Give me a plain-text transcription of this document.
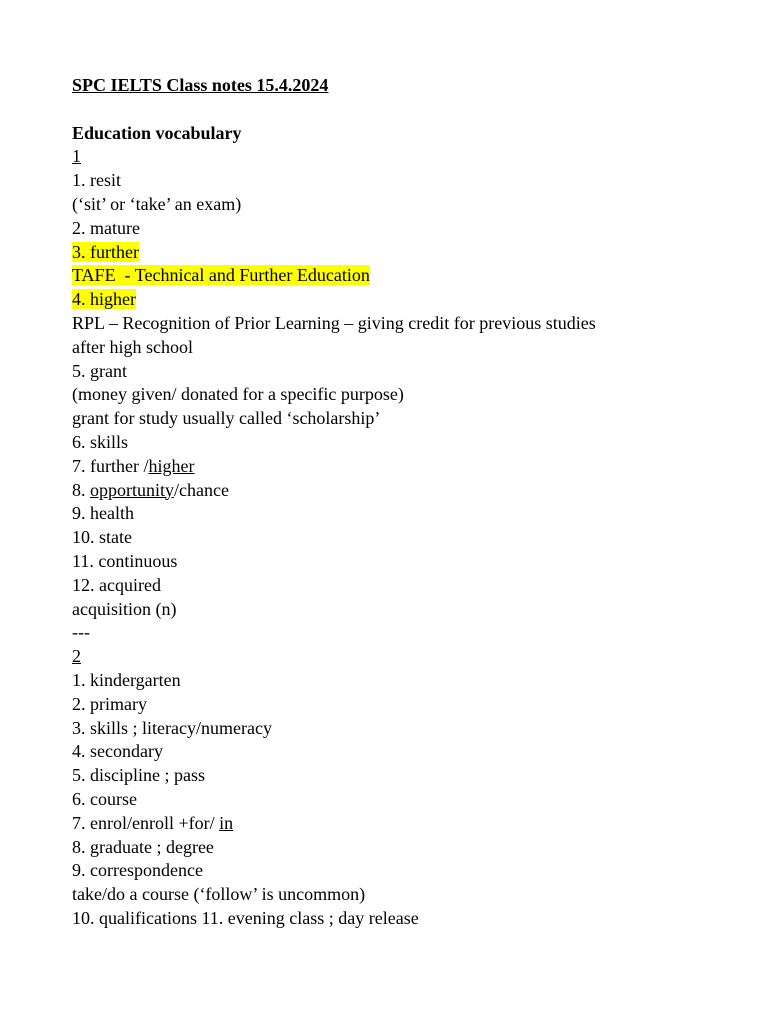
SPC IELTS Class notes 15.4.2024
Education vocabulary
1
1. resit
(‘sit’ or ‘take’ an exam)
2. mature
3. further
TAFE  - Technical and Further Education
4. higher
RPL – Recognition of Prior Learning – giving credit for previous studies
after high school
5. grant
(money given/ donated for a specific purpose)
grant for study usually called ‘scholarship’
6. skills
7. further /higher
8. opportunity/chance
9. health
10. state
11. continuous
12. acquired
acquisition (n)
---
2
1. kindergarten
2. primary
3. skills ; literacy/numeracy
4. secondary
5. discipline ; pass
6. course
7. enrol/enroll +for/ in
8. graduate ; degree
9. correspondence
take/do a course (‘follow’ is uncommon)
10. qualifications 11. evening class ; day release
